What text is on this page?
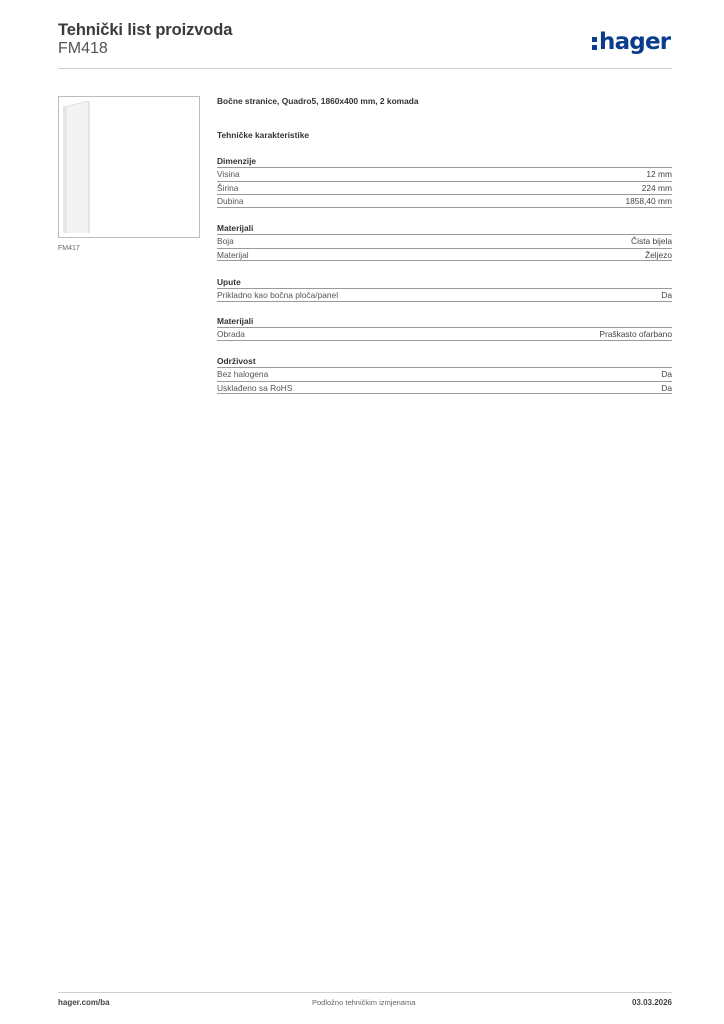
Tehnički list proizvoda
FM418	hager
FM417
Bočne stranice, Quadro5, 1860x400 mm, 2 komada
Tehničke karakteristike
Dimenzije
Visina	12 mm
Širina	224 mm
Dubina	1858,40 mm
Materijali
Boja	Čista bijela
Materijal	Željezo
Upute
Prikladno kao bočna ploča/panel	Da
Materijali
Obrada	Praškasto ofarbano
Održivost
Bez halogena	Da
Usklađeno sa RoHS	Da
hager.com/ba	Podložno tehničkim izmjenama	03.03.2026
